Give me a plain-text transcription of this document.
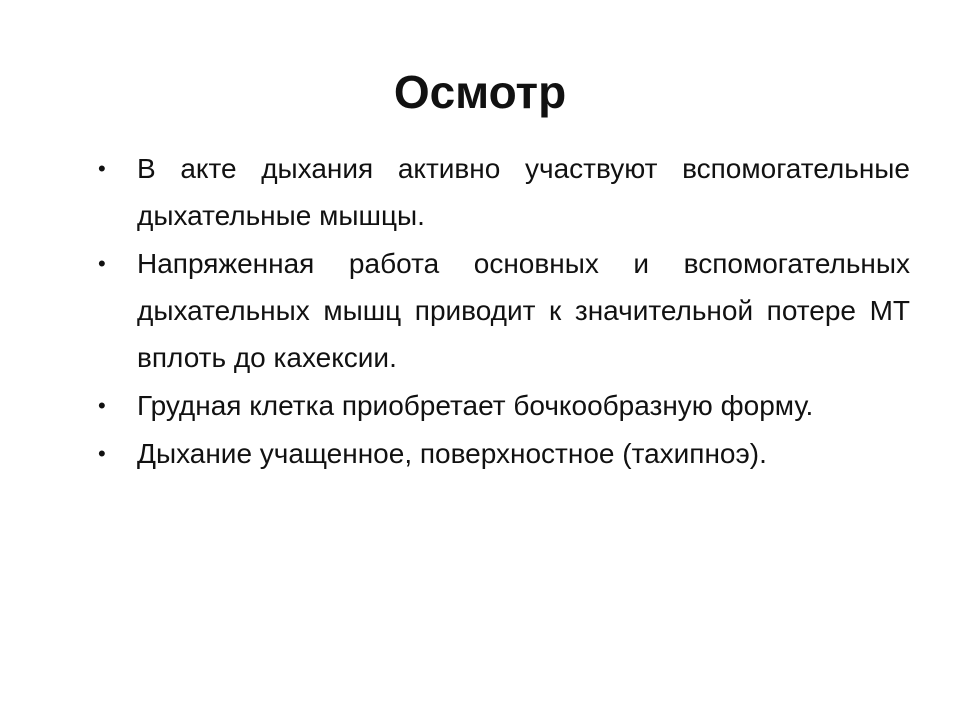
Осмотр
• В акте дыхания активно участвуют вспомогательные дыхательные мышцы.
• Напряженная работа основных и вспомогательных дыхательных мышц приводит к значительной потере МТ вплоть до кахексии.
• Грудная клетка приобретает бочкообразную форму.
• Дыхание учащенное, поверхностное (тахипноэ).
